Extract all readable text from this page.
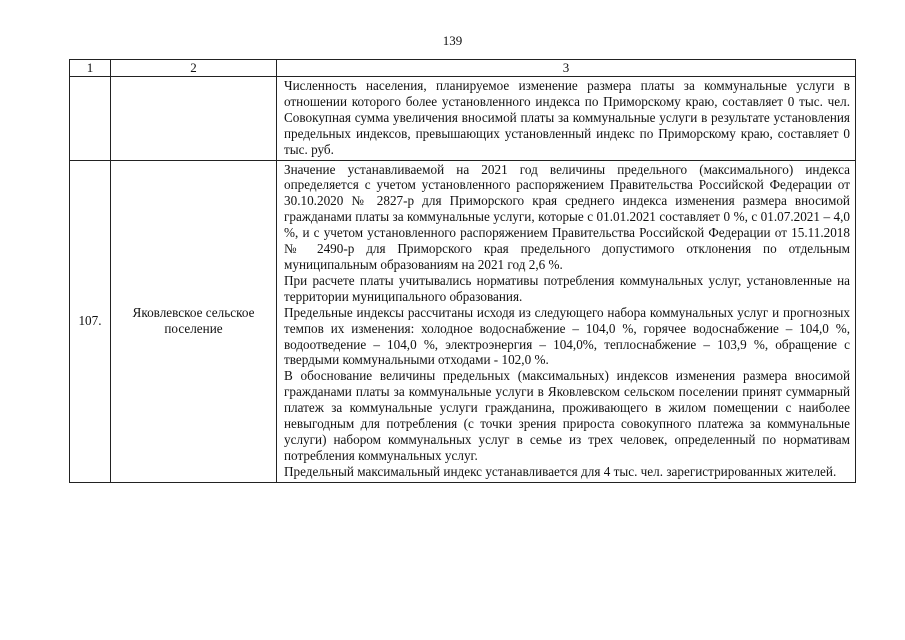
139
1	2	3

		Численность населения, планируемое изменение размера платы за коммунальные услуги в отношении которого более установленного индекса по Приморскому краю, составляет 0 тыс. чел. Совокупная сумма увеличения вносимой платы за коммунальные услуги в результате установления предельных индексов, превышающих установленный индекс по Приморскому краю, составляет 0 тыс. руб.

107.	Яковлевское сельское поселение	Значение устанавливаемой на 2021 год величины предельного (максимального) индекса определяется с учетом установленного распоряжением Правительства Российской Федерации от 30.10.2020 № 2827-р для Приморского края среднего индекса изменения размера вносимой гражданами платы за коммунальные услуги, которые с 01.01.2021 составляет 0 %, с 01.07.2021 – 4,0 %, и с учетом установленного распоряжением Правительства Российской Федерации от 15.11.2018 № 2490-р для Приморского края предельного допустимого отклонения по отдельным муниципальным образованиям на 2021 год 2,6 %.

При расчете платы учитывались нормативы потребления коммунальных услуг, установленные на территории муниципального образования.

Предельные индексы рассчитаны исходя из следующего набора коммунальных услуг и прогнозных темпов их изменения: холодное водоснабжение – 104,0 %, горячее водоснабжение – 104,0 %, водоотведение – 104,0 %, электроэнергия – 104,0%, теплоснабжение – 103,9 %, обращение с твердыми коммунальными отходами - 102,0 %.

В обоснование величины предельных (максимальных) индексов изменения размера вносимой гражданами платы за коммунальные услуги в Яковлевском сельском поселении принят суммарный платеж за коммунальные услуги гражданина, проживающего в жилом помещении с наиболее невыгодным для потребления (с точки зрения прироста совокупного платежа за коммунальные услуги) набором коммунальных услуг в семье из трех человек, определенный по нормативам потребления коммунальных услуг.

Предельный максимальный индекс устанавливается для 4 тыс. чел. зарегистрированных жителей.
